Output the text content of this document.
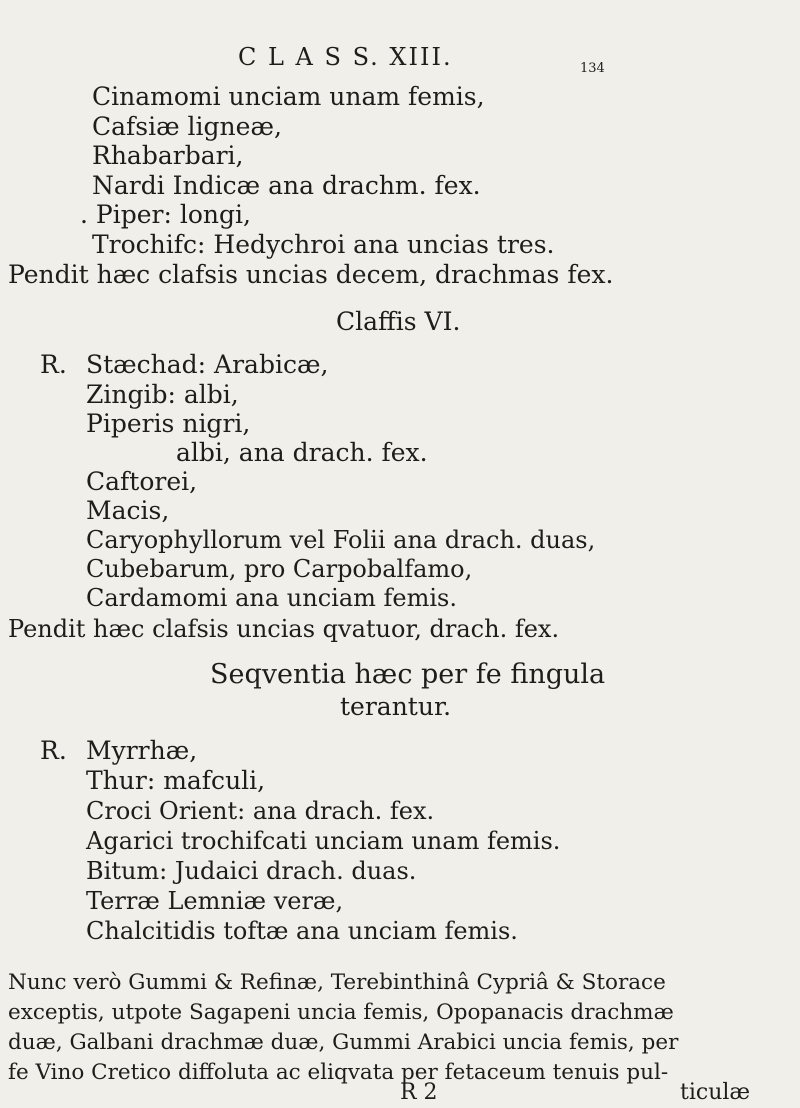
C L A S S. XIII.	134
Cinamomi unciam unam femis,
Cafsiæ ligneæ,
Rhabarbari,
Nardi Indicæ ana drachm. fex.
. Piper: longi,
Trochifc: Hedychroi ana uncias tres.
Pendit hæc clafsis uncias decem, drachmas fex.
Claffis VI.
R. Stæchad: Arabicæ,
Zingib: albi,
Piperis nigri,
albi, ana drach. fex.
Caftorei,
Macis,
Caryophyllorum vel Folii ana drach. duas,
Cubebarum, pro Carpobalfamo,
Cardamomi ana unciam femis.
Pendit hæc clafsis uncias qvatuor, drach. fex.
Seqventia hæc per fe fingula
terantur.
R. Myrrhæ,
Thur: mafculi,
Croci Orient: ana drach. fex.
Agarici trochifcati unciam unam femis.
Bitum: Judaici drach. duas.
Terræ Lemniæ veræ,
Chalcitidis toftæ ana unciam femis.
Nunc verò Gummi & Refinæ, Terebinthinâ Cypriâ & Storace
exceptis, utpote Sagapeni uncia femis, Opopanacis drachmæ
duæ, Galbani drachmæ duæ, Gummi Arabici uncia femis, per
fe Vino Cretico diffoluta ac eliqvata per fetaceum tenuis pul-
R 2	ticulæ
